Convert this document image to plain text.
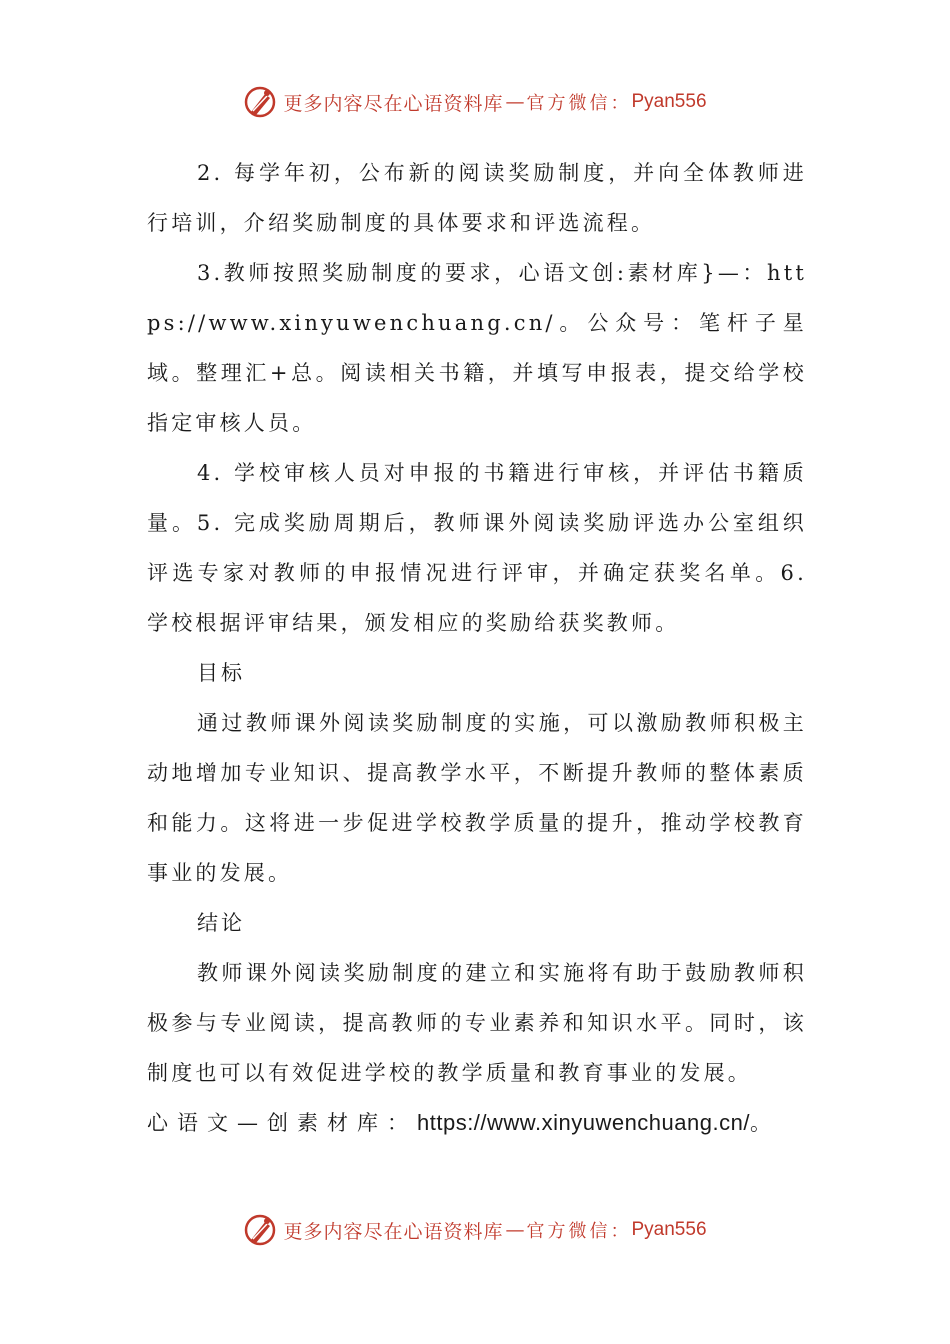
更多内容尽在心语资料库 — 官方微信： Pyan556

2. 每学年初，公布新的阅读奖励制度，并向全体教师进行培训，介绍奖励制度的具体要求和评选流程。

3.教师按照奖励制度的要求，心语文创:素材库}—：https://www.xinyuwenchuang.cn/。公众号：笔杆子星域。整理汇+总。阅读相关书籍，并填写申报表，提交给学校指定审核人员。

4. 学校审核人员对申报的书籍进行审核，并评估书籍质量。5. 完成奖励周期后，教师课外阅读奖励评选办公室组织评选专家对教师的申报情况进行评审，并确定获奖名单。6. 学校根据评审结果，颁发相应的奖励给获奖教师。

目标

通过教师课外阅读奖励制度的实施，可以激励教师积极主动地增加专业知识、提高教学水平，不断提升教师的整体素质和能力。这将进一步促进学校教学质量的提升，推动学校教育事业的发展。

结论

教师课外阅读奖励制度的建立和实施将有助于鼓励教师积极参与专业阅读，提高教师的专业素养和知识水平。同时，该制度也可以有效促进学校的教学质量和教育事业的发展。

心语文—创素材库：https://www.xinyuwenchuang.cn/。

更多内容尽在心语资料库 — 官方微信： Pyan556
